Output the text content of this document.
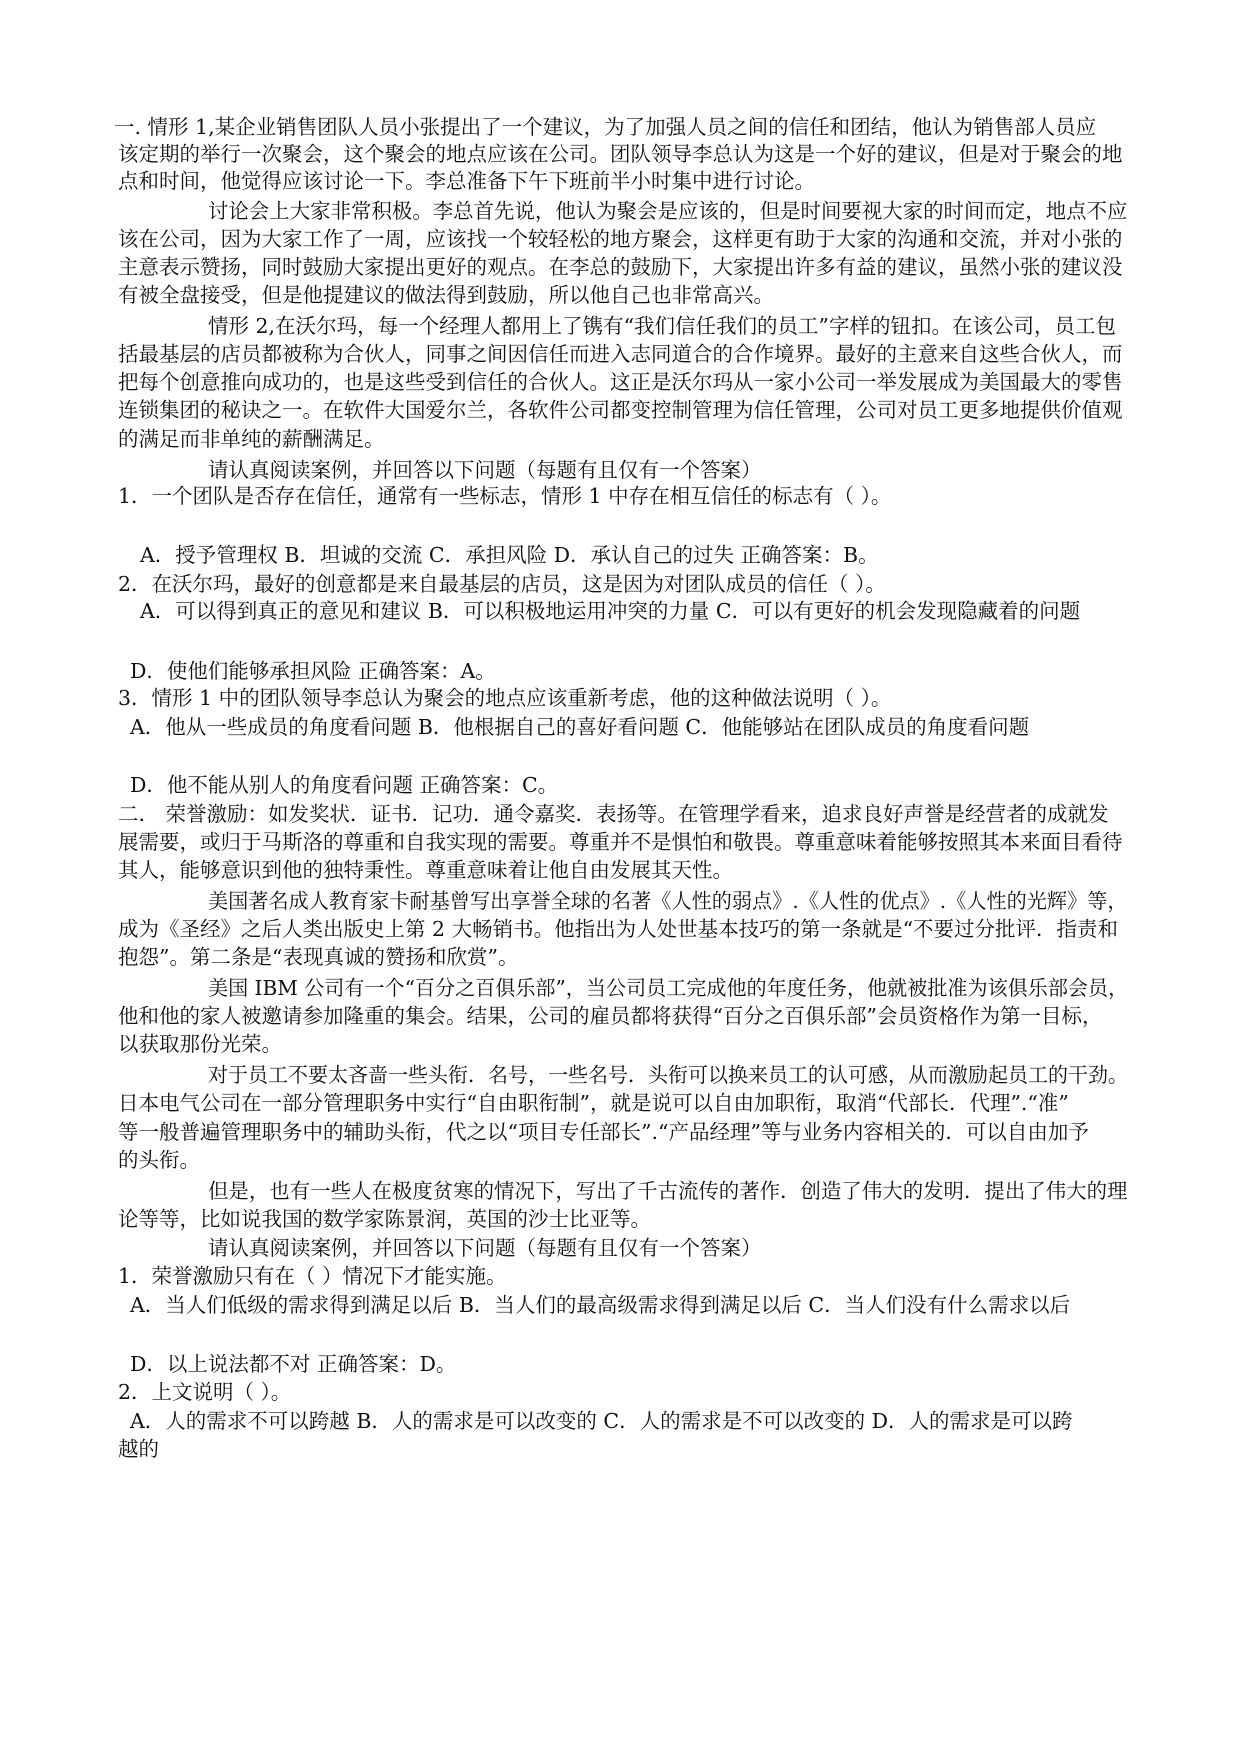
一. 情形 1,某企业销售团队人员小张提出了一个建议，为了加强人员之间的信任和团结，他认为销售部人员应
该定期的举行一次聚会，这个聚会的地点应该在公司。团队领导李总认为这是一个好的建议，但是对于聚会的地
点和时间，他觉得应该讨论一下。李总准备下午下班前半小时集中进行讨论。
讨论会上大家非常积极。李总首先说，他认为聚会是应该的，但是时间要视大家的时间而定，地点不应
该在公司，因为大家工作了一周，应该找一个较轻松的地方聚会，这样更有助于大家的沟通和交流，并对小张的
主意表示赞扬，同时鼓励大家提出更好的观点。在李总的鼓励下，大家提出许多有益的建议，虽然小张的建议没
有被全盘接受，但是他提建议的做法得到鼓励，所以他自己也非常高兴。
情形 2,在沃尔玛，每一个经理人都用上了镌有“我们信任我们的员工”字样的钮扣。在该公司，员工包
括最基层的店员都被称为合伙人，同事之间因信任而进入志同道合的合作境界。最好的主意来自这些合伙人，而
把每个创意推向成功的，也是这些受到信任的合伙人。这正是沃尔玛从一家小公司一举发展成为美国最大的零售
连锁集团的秘诀之一。在软件大国爱尔兰，各软件公司都变控制管理为信任管理，公司对员工更多地提供价值观
的满足而非单纯的薪酬满足。
请认真阅读案例，并回答以下问题（每题有且仅有一个答案）
1．一个团队是否存在信任，通常有一些标志，情形 1 中存在相互信任的标志有（ ）。
A．授予管理权 B．坦诚的交流 C．承担风险 D．承认自己的过失 正确答案：B。
2．在沃尔玛，最好的创意都是来自最基层的店员，这是因为对团队成员的信任（ ）。
A．可以得到真正的意见和建议 B．可以积极地运用冲突的力量 C．可以有更好的机会发现隐藏着的问题
D．使他们能够承担风险 正确答案：A。
3．情形 1 中的团队领导李总认为聚会的地点应该重新考虑，他的这种做法说明（ ）。
A．他从一些成员的角度看问题 B．他根据自己的喜好看问题 C．他能够站在团队成员的角度看问题
D．他不能从别人的角度看问题 正确答案：C。
二． 荣誉激励：如发奖状．证书．记功．通令嘉奖．表扬等。在管理学看来，追求良好声誉是经营者的成就发
展需要，或归于马斯洛的尊重和自我实现的需要。尊重并不是惧怕和敬畏。尊重意味着能够按照其本来面目看待
其人，能够意识到他的独特秉性。尊重意味着让他自由发展其天性。
美国著名成人教育家卡耐基曾写出享誉全球的名著《人性的弱点》.《人性的优点》.《人性的光辉》等，
成为《圣经》之后人类出版史上第 2 大畅销书。他指出为人处世基本技巧的第一条就是“不要过分批评．指责和
抱怨”。第二条是“表现真诚的赞扬和欣赏”。
美国 IBM 公司有一个“百分之百俱乐部”，当公司员工完成他的年度任务，他就被批准为该俱乐部会员，
他和他的家人被邀请参加隆重的集会。结果，公司的雇员都将获得“百分之百俱乐部”会员资格作为第一目标，
以获取那份光荣。
对于员工不要太吝啬一些头衔．名号，一些名号．头衔可以换来员工的认可感，从而激励起员工的干劲。
日本电气公司在一部分管理职务中实行“自由职衔制”，就是说可以自由加职衔，取消“代部长．代理”.“准”
等一般普遍管理职务中的辅助头衔，代之以“项目专任部长”.“产品经理”等与业务内容相关的．可以自由加予
的头衔。
但是，也有一些人在极度贫寒的情况下，写出了千古流传的著作．创造了伟大的发明．提出了伟大的理
论等等，比如说我国的数学家陈景润，英国的沙士比亚等。
请认真阅读案例，并回答以下问题（每题有且仅有一个答案）
1．荣誉激励只有在（ ）情况下才能实施。
A．当人们低级的需求得到满足以后 B．当人们的最高级需求得到满足以后 C．当人们没有什么需求以后
D．以上说法都不对 正确答案：D。
2．上文说明（ ）。
A．人的需求不可以跨越 B．人的需求是可以改变的 C．人的需求是不可以改变的 D．人的需求是可以跨
越的
